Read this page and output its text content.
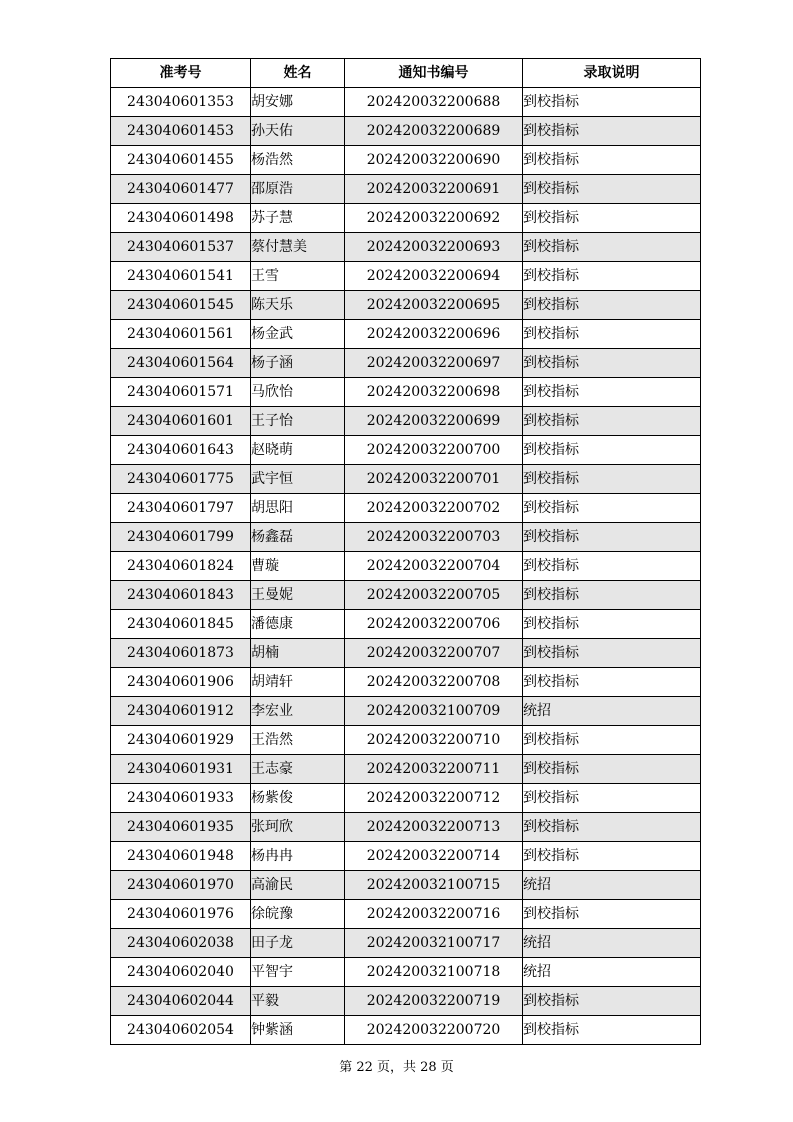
准考号	姓名	通知书编号	录取说明
243040601353	胡安娜	202420032200688	到校指标
243040601453	孙天佑	202420032200689	到校指标
243040601455	杨浩然	202420032200690	到校指标
243040601477	邵原浩	202420032200691	到校指标
243040601498	苏子慧	202420032200692	到校指标
243040601537	蔡付慧美	202420032200693	到校指标
243040601541	王雪	202420032200694	到校指标
243040601545	陈天乐	202420032200695	到校指标
243040601561	杨金武	202420032200696	到校指标
243040601564	杨子涵	202420032200697	到校指标
243040601571	马欣怡	202420032200698	到校指标
243040601601	王子怡	202420032200699	到校指标
243040601643	赵晓萌	202420032200700	到校指标
243040601775	武宇恒	202420032200701	到校指标
243040601797	胡思阳	202420032200702	到校指标
243040601799	杨鑫磊	202420032200703	到校指标
243040601824	曹璇	202420032200704	到校指标
243040601843	王曼妮	202420032200705	到校指标
243040601845	潘德康	202420032200706	到校指标
243040601873	胡楠	202420032200707	到校指标
243040601906	胡靖轩	202420032200708	到校指标
243040601912	李宏业	202420032100709	统招
243040601929	王浩然	202420032200710	到校指标
243040601931	王志豪	202420032200711	到校指标
243040601933	杨紫俊	202420032200712	到校指标
243040601935	张珂欣	202420032200713	到校指标
243040601948	杨冉冉	202420032200714	到校指标
243040601970	高渝民	202420032100715	统招
243040601976	徐皖豫	202420032200716	到校指标
243040602038	田子龙	202420032100717	统招
243040602040	平智宇	202420032100718	统招
243040602044	平毅	202420032200719	到校指标
243040602054	钟紫涵	202420032200720	到校指标
第 22 页，共 28 页
